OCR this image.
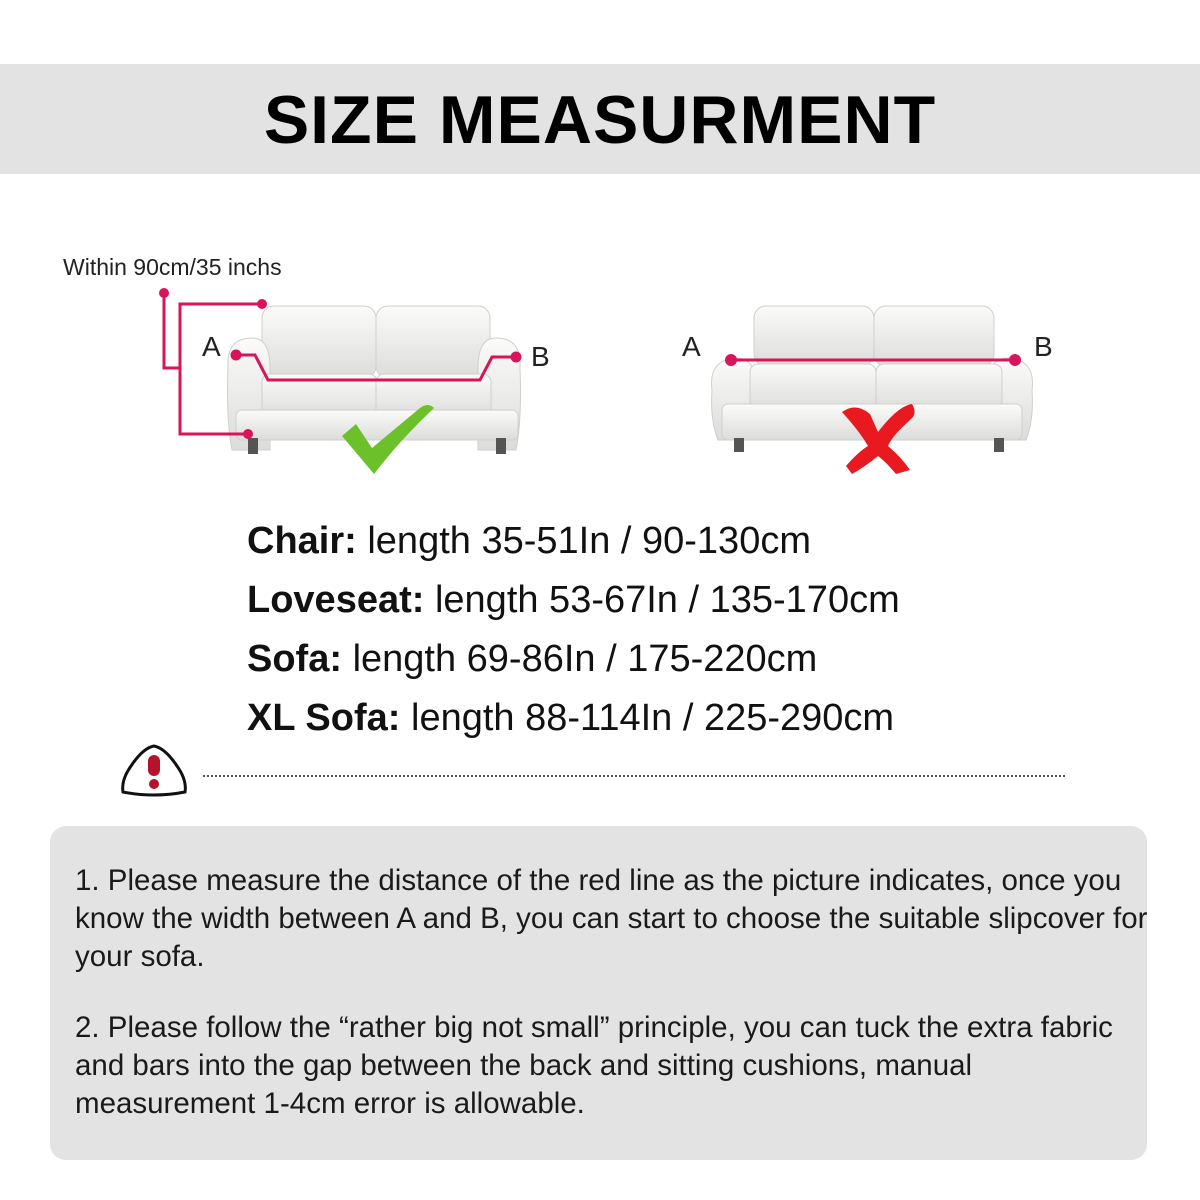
SIZE MEASURMENT
Within 90cm/35 inchs
A	B	A	B
Chair: length 35-51In / 90-130cm
Loveseat: length 53-67In / 135-170cm
Sofa: length 69-86In / 175-220cm
XL Sofa: length 88-114In / 225-290cm
1. Please measure the distance of the red line as the picture indicates, once you know the width between A and B, you can start to choose the suitable slipcover for your sofa.
2. Please follow the “rather big not small” principle, you can tuck the extra fabric and bars into the gap between the back and sitting cushions, manual measurement 1-4cm error is allowable.
